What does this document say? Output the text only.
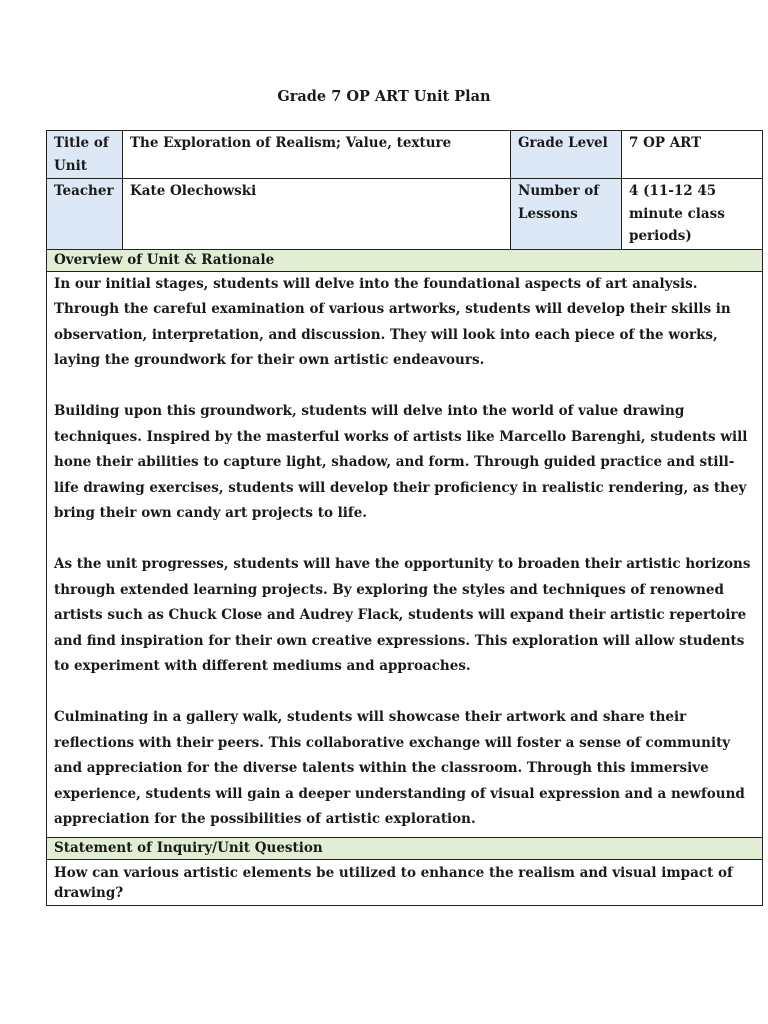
Grade 7 OP ART Unit Plan
Title of Unit	The Exploration of Realism; Value, texture	Grade Level	7 OP ART
Teacher	Kate Olechowski	Number of Lessons	4 (11-12 45 minute class periods)
Overview of Unit & Rationale			

In our initial stages, students will delve into the foundational aspects of art analysis. Through the careful examination of various artworks, students will develop their skills in observation, interpretation, and discussion. They will look into each piece of the works, laying the groundwork for their own artistic endeavours.

Building upon this groundwork, students will delve into the world of value drawing techniques. Inspired by the masterful works of artists like Marcello Barenghi, students will hone their abilities to capture light, shadow, and form. Through guided practice and still-life drawing exercises, students will develop their proficiency in realistic rendering, as they bring their own candy art projects to life.

As the unit progresses, students will have the opportunity to broaden their artistic horizons through extended learning projects. By exploring the styles and techniques of renowned artists such as Chuck Close and Audrey Flack, students will expand their artistic repertoire and find inspiration for their own creative expressions. This exploration will allow students to experiment with different mediums and approaches.

Culminating in a gallery walk, students will showcase their artwork and share their reflections with their peers. This collaborative exchange will foster a sense of community and appreciation for the diverse talents within the classroom. Through this immersive experience, students will gain a deeper understanding of visual expression and a newfound appreciation for the possibilities of artistic exploration.			

Statement of Inquiry/Unit Question			
How can various artistic elements be utilized to enhance the realism and visual impact of drawing?			
